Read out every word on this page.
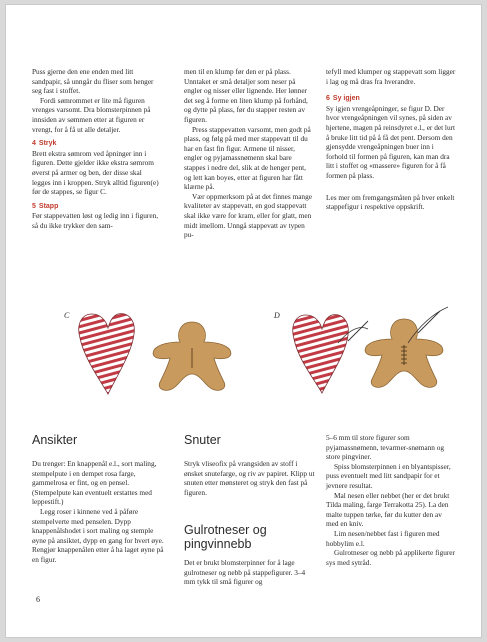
Puss gjerne den ene enden med litt sandpapir, så unngår du fliser som henger seg fast i stoffet.

Fordi sømrommet er lite må figuren vrenges varsomt. Dra blomsterpinnen på innsiden av sømmen etter at figuren er vrengt, for å få ut alle detaljer.

4 Stryk

Brett ekstra sømrom ved åpninger inn i figuren. Dette gjelder ikke ekstra sømrom øverst på armer og ben, der disse skal legges inn i kroppen. Stryk alltid figuren(e) før de stappes, se figur C.

5 Stapp

Før stappevatten løst og ledig inn i figuren, så du ikke trykker den sam-

men til en klump før den er på plass. Unntaket er små detaljer som neser på engler og nisser eller lignende. Her lønner det seg å forme en liten klump på forhånd, og dytte på plass, før du stapper resten av figuren.

Press stappevatten varsomt, men godt på plass, og følg på med mer stappevatt til du har en fast fin figur. Armene til nisser, engler og pyjamassnømenn skal bare stappes i nedre del, slik at de henger pent, og lett kan boyes, etter at figuren har fått klærne på.

Vær oppmerksom på at det finnes mange kvaliteter av stappevatt, en god stappevatt skal ikke være for kram, eller for glatt, men midt imellom. Unngå stappevatt av typen pu-

tefyll med klumper og stappevatt som ligger i lag og må dras fra hverandre.

6 Sy igjen

Sy igjen vrengeåpninger, se figur D. Der hvor vrengeåpningen vil synes, på siden av hjertene, magen på reinsdyret e.l., er det lurt å bruke litt tid på å få det pent. Dersom den gjensydde vrengeåpningen buer inn i forhold til formen på figuren, kan man dra litt i stoffet og «massere» figuren for å få formen på plass.

Les mer om fremgangsmåten på hver enkelt stappefigur i respektive oppskrift.

C	D
Ansikter

Du trenger: En knappenål e.l., sort maling, stempelpute i en dempet rosa farge, gammelrosa er fint, og en pensel. (Stempelpute kan eventuelt erstattes med leppestift.)

Legg roser i kinnene ved å påføre stempelverte med penselen. Dypp knappenålshodet i sort maling og stemple øyne på ansiktet, dypp en gang for hvert øye. Rengjør knappenålen etter å ha laget øyne på en figur.

Snuter

Stryk vliseofix på vrangsiden av stoff i ønsket snutefarge, og riv av papiret. Klipp ut snuten etter mønsteret og stryk den fast på figuren.

Gulrotneser og pingvinnebb

Det er brukt blomsterpinner for å lage gulrotneser og nebb på stappefigurer. 3–4 mm tykk til små figurer og

5–6 mm til store figurer som pyjamassnømenn, tevarmer-snømann og store pingviner.

Spiss blomsterpinnen i en blyantspisser, puss eventuelt med litt sandpapir for et jevnere resultat.

Mal nesen eller nebbet (her er det brukt Tilda maling, farge Terrakotta 25). La den malte tuppen tørke, før du kutter den av med en kniv.

Lim nesen/nebbet fast i figuren med hobbylim e.l.

Gulrotneser og nebb på applikerte figurer sys med sytråd.

6
